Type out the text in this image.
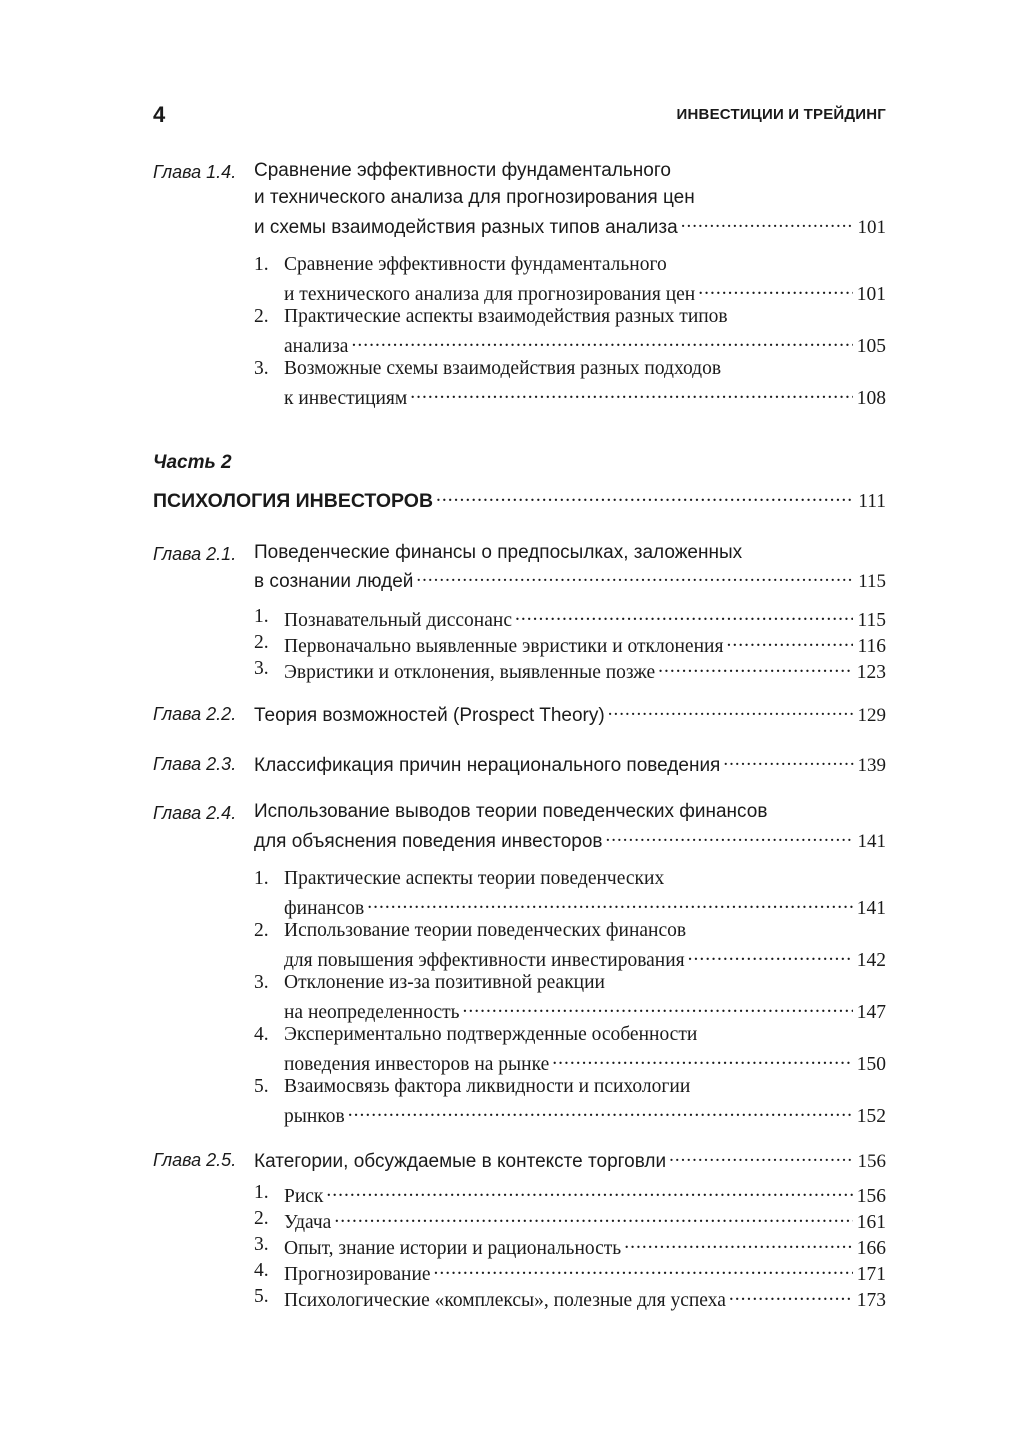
4	ИНВЕСТИЦИИ И ТРЕЙДИНГ
Глава 1.4. Сравнение эффективности фундаментального
и технического анализа для прогнозирования цен
и схемы взаимодействия разных типов анализа .....	101
1. Сравнение эффективности фундаментального
и технического анализа для прогнозирования цен .....	101
2. Практические аспекты взаимодействия разных типов
анализа .....	105
3. Возможные схемы взаимодействия разных подходов
к инвестициям .....	108
Часть 2
ПСИХОЛОГИЯ ИНВЕСТОРОВ .....	111
Глава 2.1. Поведенческие финансы о предпосылках, заложенных
в сознании людей .....	115
1. Познавательный диссонанс .....	115
2. Первоначально выявленные эвристики и отклонения .....	116
3. Эвристики и отклонения, выявленные позже .....	123
Глава 2.2. Теория возможностей (Prospect Theory) .....	129
Глава 2.3. Классификация причин нерационального поведения .....	139
Глава 2.4. Использование выводов теории поведенческих финансов
для объяснения поведения инвесторов .....	141
1. Практические аспекты теории поведенческих
финансов .....	141
2. Использование теории поведенческих финансов
для повышения эффективности инвестирования .....	142
3. Отклонение из-за позитивной реакции
на неопределенность .....	147
4. Экспериментально подтвержденные особенности
поведения инвесторов на рынке .....	150
5. Взаимосвязь фактора ликвидности и психологии
рынков .....	152
Глава 2.5. Категории, обсуждаемые в контексте торговли .....	156
1. Риск .....	156
2. Удача .....	161
3. Опыт, знание истории и рациональность .....	166
4. Прогнозирование .....	171
5. Психологические «комплексы», полезные для успеха .....	173
